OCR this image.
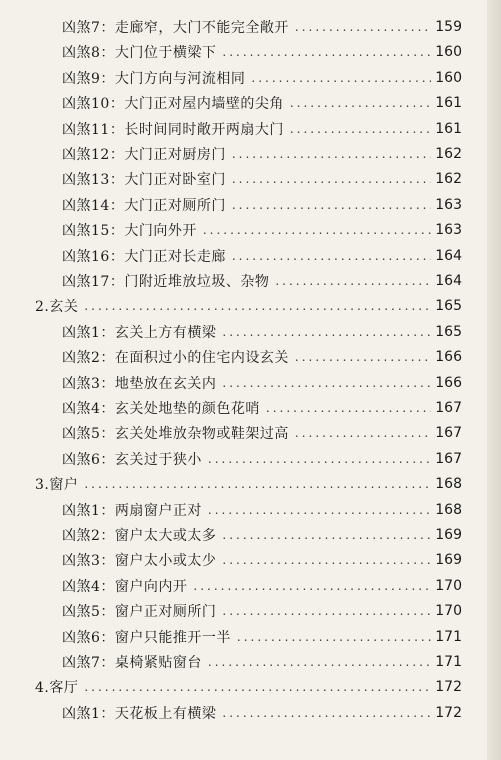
凶煞7：走廊窄，大门不能完全敞开 .....	159
凶煞8：大门位于横梁下 .....	160
凶煞9：大门方向与河流相同 .....	160
凶煞10：大门正对屋内墙壁的尖角 .....	161
凶煞11：长时间同时敞开两扇大门 .....	161
凶煞12：大门正对厨房门 .....	162
凶煞13：大门正对卧室门 .....	162
凶煞14：大门正对厕所门 .....	163
凶煞15：大门向外开 .....	163
凶煞16：大门正对长走廊 .....	164
凶煞17：门附近堆放垃圾、杂物 .....	164
2.玄关 .....	165
凶煞1：玄关上方有横梁 .....	165
凶煞2：在面积过小的住宅内设玄关 .....	166
凶煞3：地垫放在玄关内 .....	166
凶煞4：玄关处地垫的颜色花哨 .....	167
凶煞5：玄关处堆放杂物或鞋架过高 .....	167
凶煞6：玄关过于狭小 .....	167
3.窗户 .....	168
凶煞1：两扇窗户正对 .....	168
凶煞2：窗户太大或太多 .....	169
凶煞3：窗户太小或太少 .....	169
凶煞4：窗户向内开 .....	170
凶煞5：窗户正对厕所门 .....	170
凶煞6：窗户只能推开一半 .....	171
凶煞7：桌椅紧贴窗台 .....	171
4.客厅 .....	172
凶煞1：天花板上有横梁 .....	172
